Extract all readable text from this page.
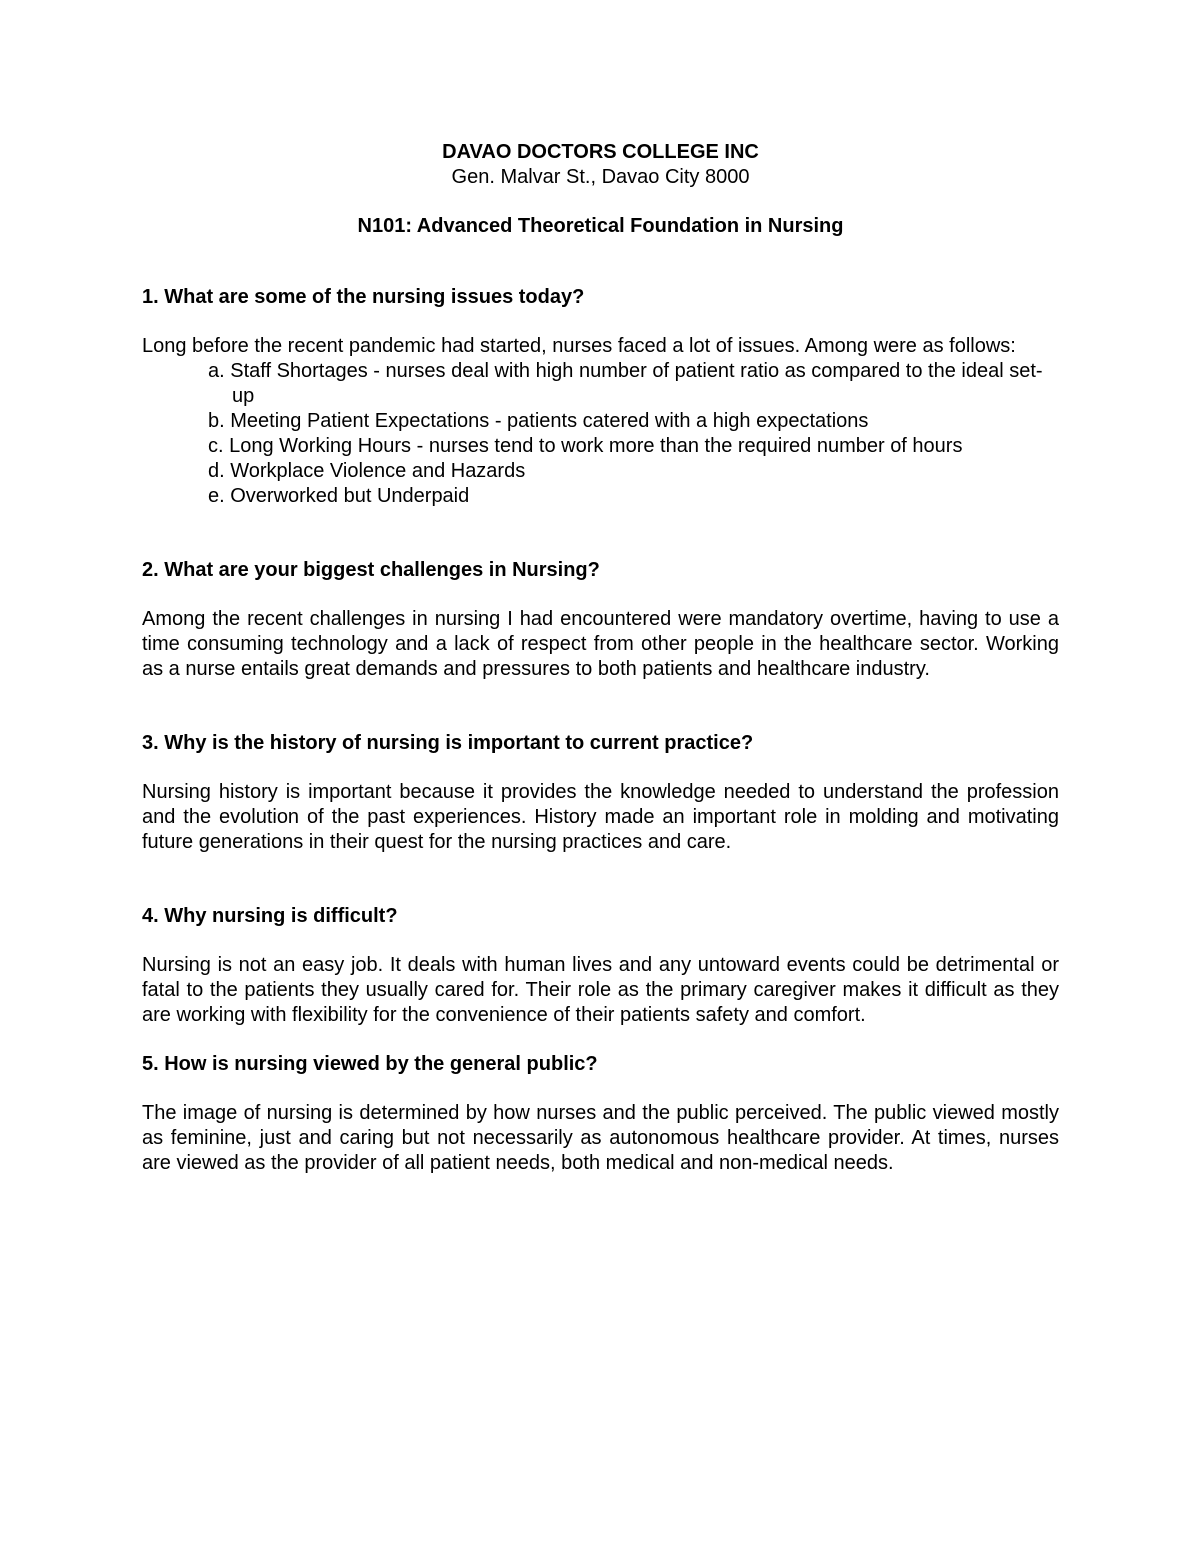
DAVAO DOCTORS COLLEGE INC

Gen. Malvar St., Davao City 8000

N101: Advanced Theoretical Foundation in Nursing

1. What are some of the nursing issues today?

Long before the recent pandemic had started, nurses faced a lot of issues. Among were as follows:

a. Staff Shortages - nurses deal with high number of patient ratio as compared to the ideal set-up
b. Meeting Patient Expectations - patients catered with a high expectations
c. Long Working Hours - nurses tend to work more than the required number of hours
d. Workplace Violence and Hazards
e. Overworked but Underpaid

2. What are your biggest challenges in Nursing?

Among the recent challenges in nursing I had encountered were mandatory overtime, having to use a time consuming technology and a lack of respect from other people in the healthcare sector. Working as a nurse entails great demands and pressures to both patients and healthcare industry.

3. Why is the history of nursing is important to current practice?

Nursing history is important because it provides the knowledge needed to understand the profession and the evolution of the past experiences. History made an important role in molding and motivating future generations in their quest for the nursing practices and care.

4. Why nursing is difficult?

Nursing is not an easy job. It deals with human lives and any untoward events could be detrimental or fatal to the patients they usually cared for. Their role as the primary caregiver makes it difficult as they are working with flexibility for the convenience of their patients safety and comfort.

5. How is nursing viewed by the general public?

The image of nursing is determined by how nurses and the public perceived. The public viewed mostly as feminine, just and caring but not necessarily as autonomous healthcare provider. At times, nurses are viewed as the provider of all patient needs, both medical and non-medical needs.
